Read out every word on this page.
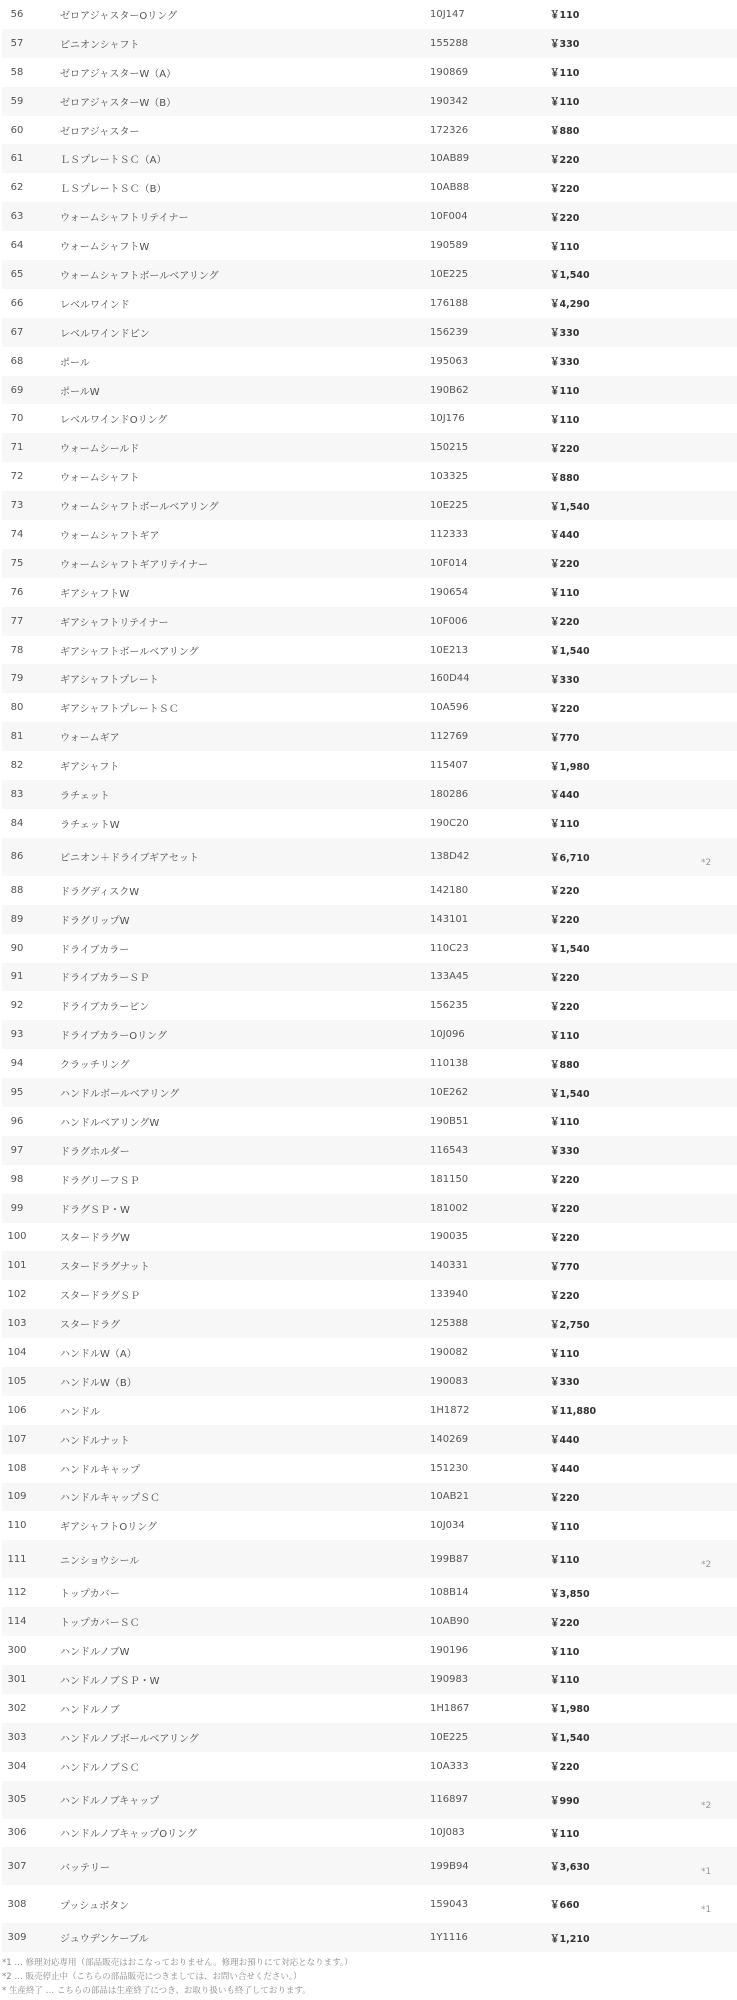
56	ゼロアジャスターOリング	10J147	￥110	
57	ピニオンシャフト	155288	￥330	
58	ゼロアジャスターW（A）	190869	￥110	
59	ゼロアジャスターW（B）	190342	￥110	
60	ゼロアジャスター	172326	￥880	
61	ＬＳプレートＳＣ（A）	10AB89	￥220	
62	ＬＳプレートＳＣ（B）	10AB88	￥220	
63	ウォームシャフトリテイナー	10F004	￥220	
64	ウォームシャフトW	190589	￥110	
65	ウォームシャフトボールベアリング	10E225	￥1,540	
66	レベルワインド	176188	￥4,290	
67	レベルワインドピン	156239	￥330	
68	ポール	195063	￥330	
69	ポールW	190B62	￥110	
70	レベルワインドOリング	10J176	￥110	
71	ウォームシールド	150215	￥220	
72	ウォームシャフト	103325	￥880	
73	ウォームシャフトボールベアリング	10E225	￥1,540	
74	ウォームシャフトギア	112333	￥440	
75	ウォームシャフトギアリテイナー	10F014	￥220	
76	ギアシャフトW	190654	￥110	
77	ギアシャフトリテイナー	10F006	￥220	
78	ギアシャフトボールベアリング	10E213	￥1,540	
79	ギアシャフトプレート	160D44	￥330	
80	ギアシャフトプレートＳＣ	10A596	￥220	
81	ウォームギア	112769	￥770	
82	ギアシャフト	115407	￥1,980	
83	ラチェット	180286	￥440	
84	ラチェットW	190C20	￥110	
86	ピニオン＋ドライブギアセット	138D42	￥6,710	*2
88	ドラグディスクW	142180	￥220	
89	ドラグリップW	143101	￥220	
90	ドライブカラー	110C23	￥1,540	
91	ドライブカラーＳＰ	133A45	￥220	
92	ドライブカラーピン	156235	￥220	
93	ドライブカラーOリング	10J096	￥110	
94	クラッチリング	110138	￥880	
95	ハンドルボールベアリング	10E262	￥1,540	
96	ハンドルベアリングW	190B51	￥110	
97	ドラグホルダー	116543	￥330	
98	ドラグリーフＳＰ	181150	￥220	
99	ドラグＳＰ・W	181002	￥220	
100	スタードラグW	190035	￥220	
101	スタードラグナット	140331	￥770	
102	スタードラグＳＰ	133940	￥220	
103	スタードラグ	125388	￥2,750	
104	ハンドルW（A）	190082	￥110	
105	ハンドルW（B）	190083	￥330	
106	ハンドル	1H1872	￥11,880	
107	ハンドルナット	140269	￥440	
108	ハンドルキャップ	151230	￥440	
109	ハンドルキャップＳＣ	10AB21	￥220	
110	ギアシャフトOリング	10J034	￥110	
111	ニンショウシール	199B87	￥110	*2
112	トップカバー	108B14	￥3,850	
114	トップカバーＳＣ	10AB90	￥220	
300	ハンドルノブW	190196	￥110	
301	ハンドルノブＳＰ・W	190983	￥110	
302	ハンドルノブ	1H1867	￥1,980	
303	ハンドルノブボールベアリング	10E225	￥1,540	
304	ハンドルノブＳＣ	10A333	￥220	
305	ハンドルノブキャップ	116897	￥990	*2
306	ハンドルノブキャップOリング	10J083	￥110	
307	バッテリー	199B94	￥3,630	*1
308	プッシュボタン	159043	￥660	*1
309	ジュウデンケーブル	1Y1116	￥1,210	
*1 … 修理対応専用（部品販売はおこなっておりません。修理お預りにて対応となります。）
*2 … 販売停止中（こちらの部品販売につきましては、お問い合せください。）
* 生産終了 … こちらの部品は生産終了につき、お取り扱いも終了しております。
